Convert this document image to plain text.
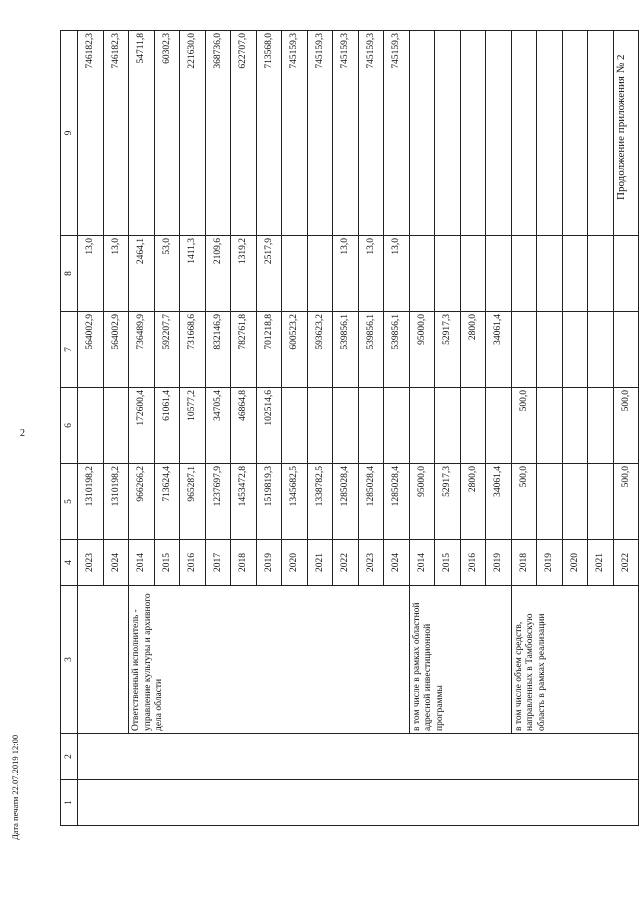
2
Продолжение приложения № 2
Дата печати 22.07.2019 12:00	1	2	3	4	5	6	7	8	9
			2023	1310198,2		564002,9	13,0	746182,3
			2024	1310198,2		564002,9	13,0	746182,3
		Ответственный исполнитель - управление культуры и архивного дела области	2014	966266,2	172600,4	736489,9	2464,1	54711,8
			2015	713624,4	61061,4	592207,7	53,0	60302,3
			2016	965287,1	10577,2	731668,6	1411,3	221630,0
			2017	1237697,9	34705,4	832146,9	2109,6	368736,0
			2018	1453472,8	46864,8	782761,8	1319,2	622707,0
			2019	1519819,3	102514,6	701218,8	2517,9	713568,0
			2020	1345682,5		600523,2		745159,3
			2021	1338782,5		593623,2		745159,3
			2022	1285028,4		539856,1	13,0	745159,3
			2023	1285028,4		539856,1	13,0	745159,3
			2024	1285028,4		539856,1	13,0	745159,3
		в том числе в рамках областной адресной инвестиционной программы	2014	95000,0		95000,0		
			2015	52917,3		52917,3		
			2016	2800,0		2800,0		
			2019	34061,4		34061,4		
		в том числе объем средств, направленных в Тамбовскую область в рамках реализации	2018	500,0	500,0			
			2019					
			2020					
			2021					
			2022	500,0	500,0			
